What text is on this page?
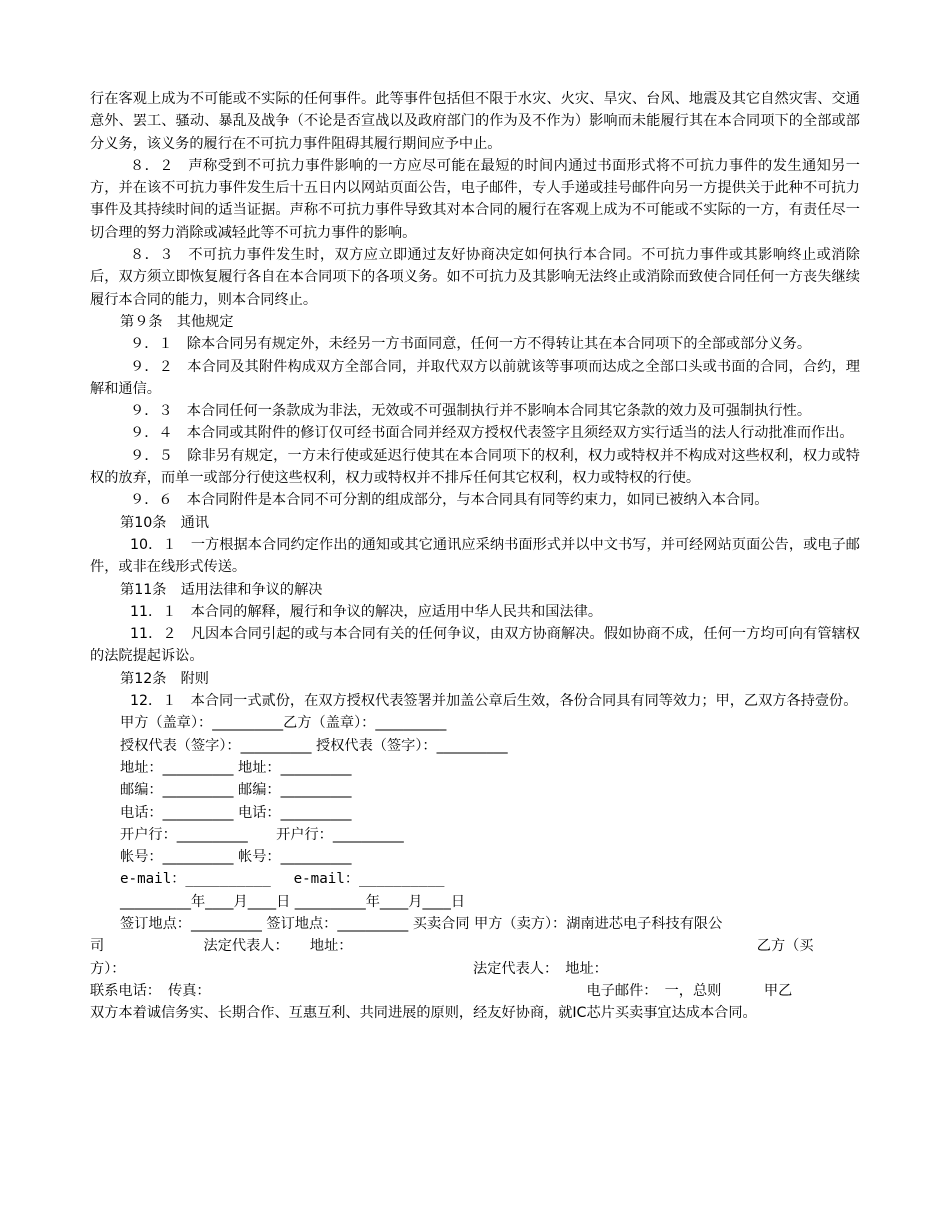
行在客观上成为不可能或不实际的任何事件。此等事件包括但不限于水灾、火灾、旱灾、台风、地震及其它自然灾害、交通意外、罢工、骚动、暴乱及战争（不论是否宣战以及政府部门的作为及不作为）影响而未能履行其在本合同项下的全部或部分义务，该义务的履行在不可抗力事件阻碍其履行期间应予中止。

８．２　声称受到不可抗力事件影响的一方应尽可能在最短的时间内通过书面形式将不可抗力事件的发生通知另一方，并在该不可抗力事件发生后十五日内以网站页面公告，电子邮件，专人手递或挂号邮件向另一方提供关于此种不可抗力事件及其持续时间的适当证据。声称不可抗力事件导致其对本合同的履行在客观上成为不可能或不实际的一方，有责任尽一切合理的努力消除或减轻此等不可抗力事件的影响。

８．３　不可抗力事件发生时，双方应立即通过友好协商决定如何执行本合同。不可抗力事件或其影响终止或消除后，双方须立即恢复履行各自在本合同项下的各项义务。如不可抗力及其影响无法终止或消除而致使合同任何一方丧失继续履行本合同的能力，则本合同终止。

第９条　其他规定

９．１　除本合同另有规定外，未经另一方书面同意，任何一方不得转让其在本合同项下的全部或部分义务。

９．２　本合同及其附件构成双方全部合同，并取代双方以前就该等事项而达成之全部口头或书面的合同，合约，理解和通信。

９．３　本合同任何一条款成为非法，无效或不可强制执行并不影响本合同其它条款的效力及可强制执行性。

９．４　本合同或其附件的修订仅可经书面合同并经双方授权代表签字且须经双方实行适当的法人行动批准而作出。

９．５　除非另有规定，一方未行使或延迟行使其在本合同项下的权利，权力或特权并不构成对这些权利，权力或特权的放弃，而单一或部分行使这些权利，权力或特权并不排斥任何其它权利，权力或特权的行使。

９．６　本合同附件是本合同不可分割的组成部分，与本合同具有同等约束力，如同已被纳入本合同。

第10条　通讯

10．１　一方根据本合同约定作出的通知或其它通讯应采纳书面形式并以中文书写，并可经网站页面公告，或电子邮件，或非在线形式传送。

第11条　适用法律和争议的解决

11．１　本合同的解释，履行和争议的解决，应适用中华人民共和国法律。

11．２　凡因本合同引起的或与本合同有关的任何争议，由双方协商解决。假如协商不成，任何一方均可向有管辖权的法院提起诉讼。

第12条　附则

12．１　本合同一式贰份，在双方授权代表签署并加盖公章后生效，各份合同具有同等效力；甲，乙双方各持壹份。

甲方（盖章）：__________乙方（盖章）：__________

授权代表（签字）：__________ 授权代表（签字）：__________

地址：__________ 地址：__________

邮编：__________ 邮编：__________

电话：__________ 电话：__________

开户行：__________　　开户行：__________

帐号：__________ 帐号：__________

e-mail：__________　 e-mail：__________

__________年____月____日 __________年____月____日

签订地点：__________ 签订地点：__________ 买卖合同 甲方（卖方）：湖南进芯电子科技有限公

司　　　　　　　法定代表人：　　地址：　　　　　　　　　　　　　　　　　　　　　　　　　　　　　乙方（买

方）：　　　　　　　　　　　　　　　　　　　　　　　　　法定代表人：　地址：

联系电话：　传真：　　　　　　　　　　　　　　　　　　　　　　　　　　　电子邮件：　一，总则　　　甲乙

双方本着诚信务实、长期合作、互惠互利、共同进展的原则，经友好协商，就IC芯片买卖事宜达成本合同。
